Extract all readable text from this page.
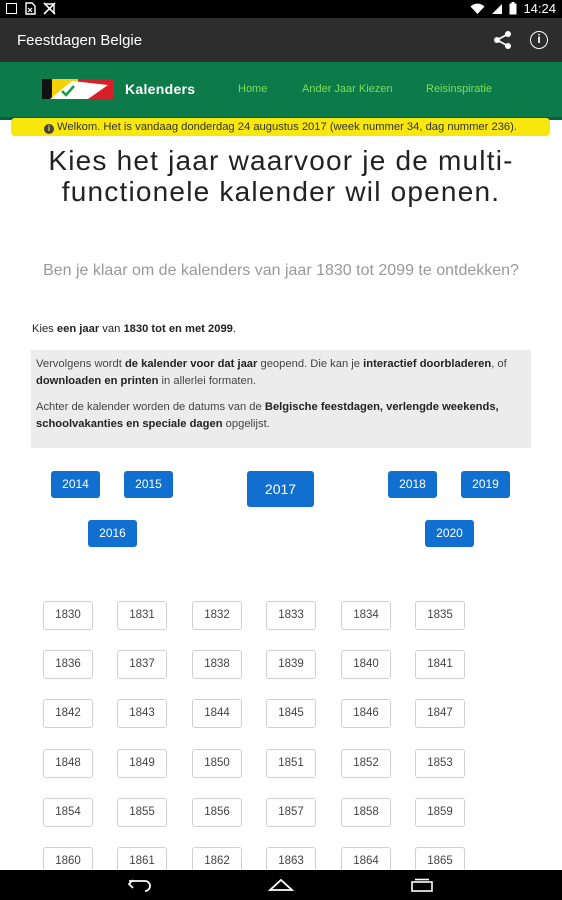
14:24
Feestdagen Belgie	i
Kalenders	Home	Ander Jaar Kiezen	Reisinspiratie
i Welkom. Het is vandaag donderdag 24 augustus 2017 (week nummer 34, dag nummer 236).
Kies het jaar waarvoor je de multi-functionele kalender wil openen.
Ben je klaar om de kalenders van jaar 1830 tot 2099 te ontdekken?
Kies een jaar van 1830 tot en met 2099.

Vervolgens wordt de kalender voor dat jaar geopend. Die kan je interactief doorbladeren, of downloaden en printen in allerlei formaten.

Achter de kalender worden de datums van de Belgische feestdagen, verlengde weekends, schoolvakanties en speciale dagen opgelijst.

2014	2015
2016
2017	2018	2019
2020
1830	1831	1832	1833	1834	1835
1836	1837	1838	1839	1840	1841
1842	1843	1844	1845	1846	1847
1848	1849	1850	1851	1852	1853
1854	1855	1856	1857	1858	1859
1860	1861	1862	1863	1864	1865
